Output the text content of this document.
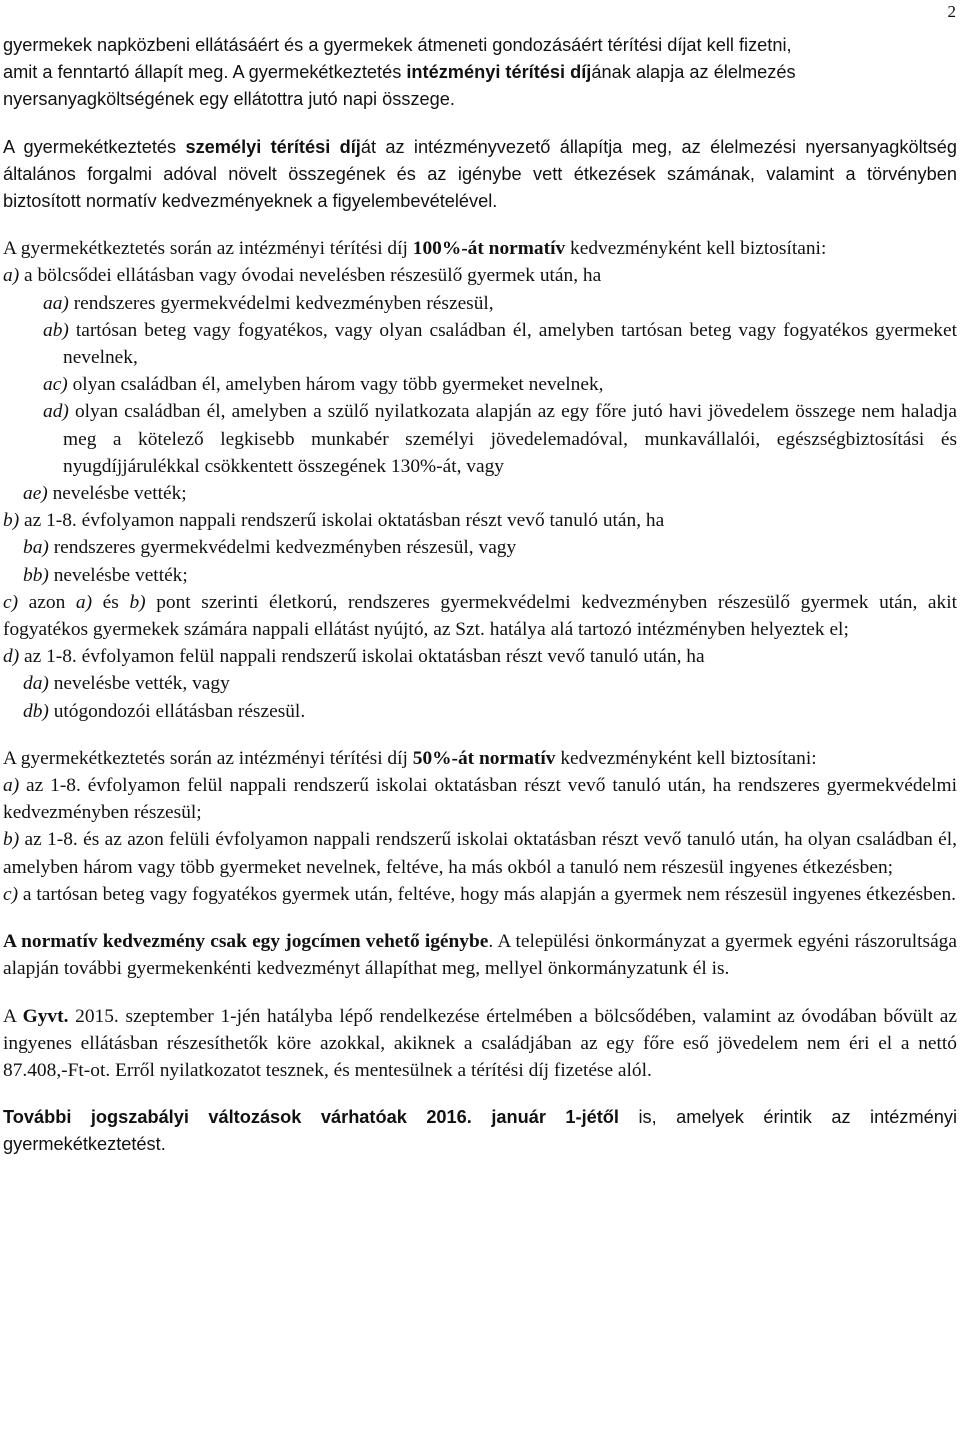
2

gyermekek napközbeni ellátásáért és a gyermekek átmeneti gondozásáért térítési díjat kell fizetni,
amit a fenntartó állapít meg. A gyermekétkeztetés intézményi térítési díjának alapja az élelmezés
nyersanyagköltségének egy ellátottra jutó napi összege.

A gyermekétkeztetés személyi térítési díját az intézményvezető állapítja meg, az élelmezési nyersanyagköltség általános forgalmi adóval növelt összegének és az igénybe vett étkezések számának, valamint a törvényben biztosított normatív kedvezményeknek a figyelembevételével.

A gyermekétkeztetés során az intézményi térítési díj 100%-át normatív kedvezményként kell biztosítani:

a) a bölcsődei ellátásban vagy óvodai nevelésben részesülő gyermek után, ha

aa) rendszeres gyermekvédelmi kedvezményben részesül,

ab) tartósan beteg vagy fogyatékos, vagy olyan családban él, amelyben tartósan beteg vagy fogyatékos gyermeket nevelnek,

ac) olyan családban él, amelyben három vagy több gyermeket nevelnek,

ad) olyan családban él, amelyben a szülő nyilatkozata alapján az egy főre jutó havi jövedelem összege nem haladja meg a kötelező legkisebb munkabér személyi jövedelemadóval, munkavállalói, egészségbiztosítási és nyugdíjjárulékkal csökkentett összegének 130%-át, vagy

ae) nevelésbe vették;

b) az 1-8. évfolyamon nappali rendszerű iskolai oktatásban részt vevő tanuló után, ha

ba) rendszeres gyermekvédelmi kedvezményben részesül, vagy

bb) nevelésbe vették;

c) azon a) és b) pont szerinti életkorú, rendszeres gyermekvédelmi kedvezményben részesülő gyermek után, akit fogyatékos gyermekek számára nappali ellátást nyújtó, az Szt. hatálya alá tartozó intézményben helyeztek el;

d) az 1-8. évfolyamon felül nappali rendszerű iskolai oktatásban részt vevő tanuló után, ha

da) nevelésbe vették, vagy

db) utógondozói ellátásban részesül.

A gyermekétkeztetés során az intézményi térítési díj 50%-át normatív kedvezményként kell biztosítani:

a) az 1-8. évfolyamon felül nappali rendszerű iskolai oktatásban részt vevő tanuló után, ha rendszeres gyermekvédelmi kedvezményben részesül;

b) az 1-8. és az azon felüli évfolyamon nappali rendszerű iskolai oktatásban részt vevő tanuló után, ha olyan családban él, amelyben három vagy több gyermeket nevelnek, feltéve, ha más okból a tanuló nem részesül ingyenes étkezésben;

c) a tartósan beteg vagy fogyatékos gyermek után, feltéve, hogy más alapján a gyermek nem részesül ingyenes étkezésben.

A normatív kedvezmény csak egy jogcímen vehető igénybe. A települési önkormányzat a gyermek egyéni rászorultsága alapján további gyermekenkénti kedvezményt állapíthat meg, mellyel önkormányzatunk él is.

A Gyvt. 2015. szeptember 1-jén hatályba lépő rendelkezése értelmében a bölcsődében, valamint az óvodában bővült az ingyenes ellátásban részesíthetők köre azokkal, akiknek a családjában az egy főre eső jövedelem nem éri el a nettó 87.408,-Ft-ot. Erről nyilatkozatot tesznek, és mentesülnek a térítési díj fizetése alól.

További jogszabályi változások várhatóak 2016. január 1-jétől is, amelyek érintik az intézményi gyermekétkeztetést.
